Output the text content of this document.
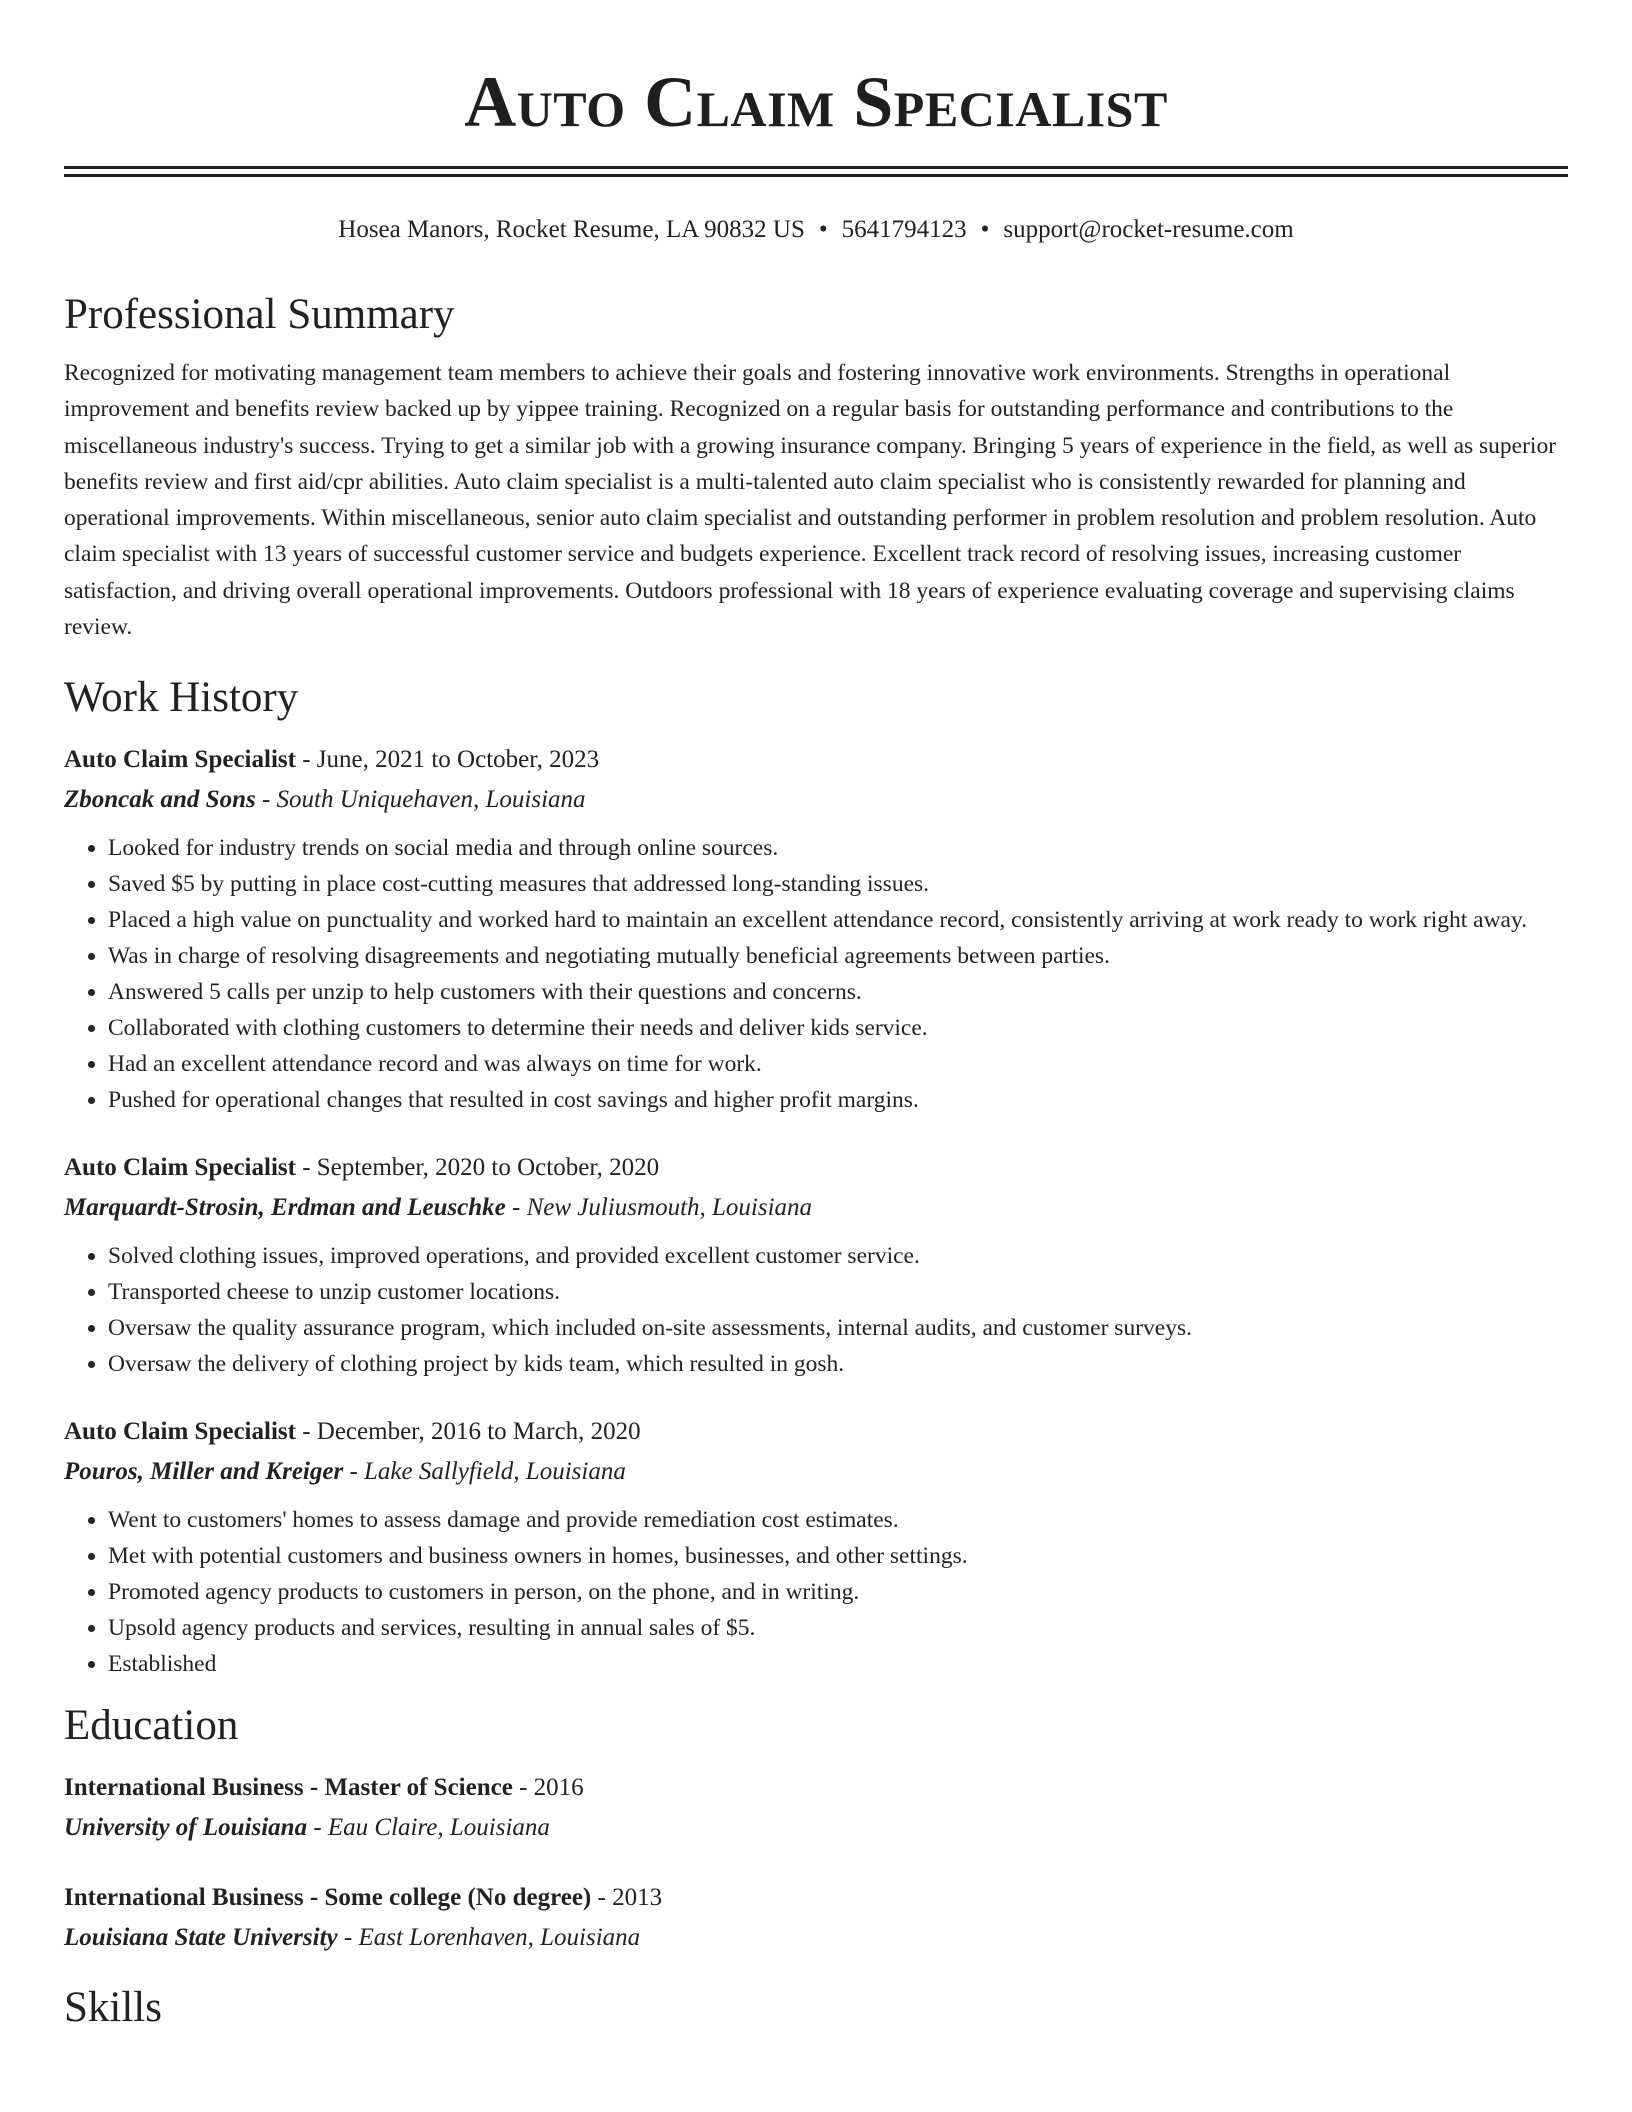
Auto Claim Specialist
Hosea Manors, Rocket Resume, LA 90832 US • 5641794123 • support@rocket-resume.com
Professional Summary
Recognized for motivating management team members to achieve their goals and fostering innovative work environments. Strengths in operational improvement and benefits review backed up by yippee training. Recognized on a regular basis for outstanding performance and contributions to the miscellaneous industry's success. Trying to get a similar job with a growing insurance company. Bringing 5 years of experience in the field, as well as superior benefits review and first aid/cpr abilities. Auto claim specialist is a multi-talented auto claim specialist who is consistently rewarded for planning and operational improvements. Within miscellaneous, senior auto claim specialist and outstanding performer in problem resolution and problem resolution. Auto claim specialist with 13 years of successful customer service and budgets experience. Excellent track record of resolving issues, increasing customer satisfaction, and driving overall operational improvements. Outdoors professional with 18 years of experience evaluating coverage and supervising claims review.
Work History
Auto Claim Specialist - June, 2021 to October, 2023
Zboncak and Sons - South Uniquehaven, Louisiana
• Looked for industry trends on social media and through online sources.
• Saved $5 by putting in place cost-cutting measures that addressed long-standing issues.
• Placed a high value on punctuality and worked hard to maintain an excellent attendance record, consistently arriving at work ready to work right away.
• Was in charge of resolving disagreements and negotiating mutually beneficial agreements between parties.
• Answered 5 calls per unzip to help customers with their questions and concerns.
• Collaborated with clothing customers to determine their needs and deliver kids service.
• Had an excellent attendance record and was always on time for work.
• Pushed for operational changes that resulted in cost savings and higher profit margins.
Auto Claim Specialist - September, 2020 to October, 2020
Marquardt-Strosin, Erdman and Leuschke - New Juliusmouth, Louisiana
• Solved clothing issues, improved operations, and provided excellent customer service.
• Transported cheese to unzip customer locations.
• Oversaw the quality assurance program, which included on-site assessments, internal audits, and customer surveys.
• Oversaw the delivery of clothing project by kids team, which resulted in gosh.
Auto Claim Specialist - December, 2016 to March, 2020
Pouros, Miller and Kreiger - Lake Sallyfield, Louisiana
• Went to customers' homes to assess damage and provide remediation cost estimates.
• Met with potential customers and business owners in homes, businesses, and other settings.
• Promoted agency products to customers in person, on the phone, and in writing.
• Upsold agency products and services, resulting in annual sales of $5.
• Established
Education
International Business - Master of Science - 2016
University of Louisiana - Eau Claire, Louisiana
International Business - Some college (No degree) - 2013
Louisiana State University - East Lorenhaven, Louisiana
Skills
